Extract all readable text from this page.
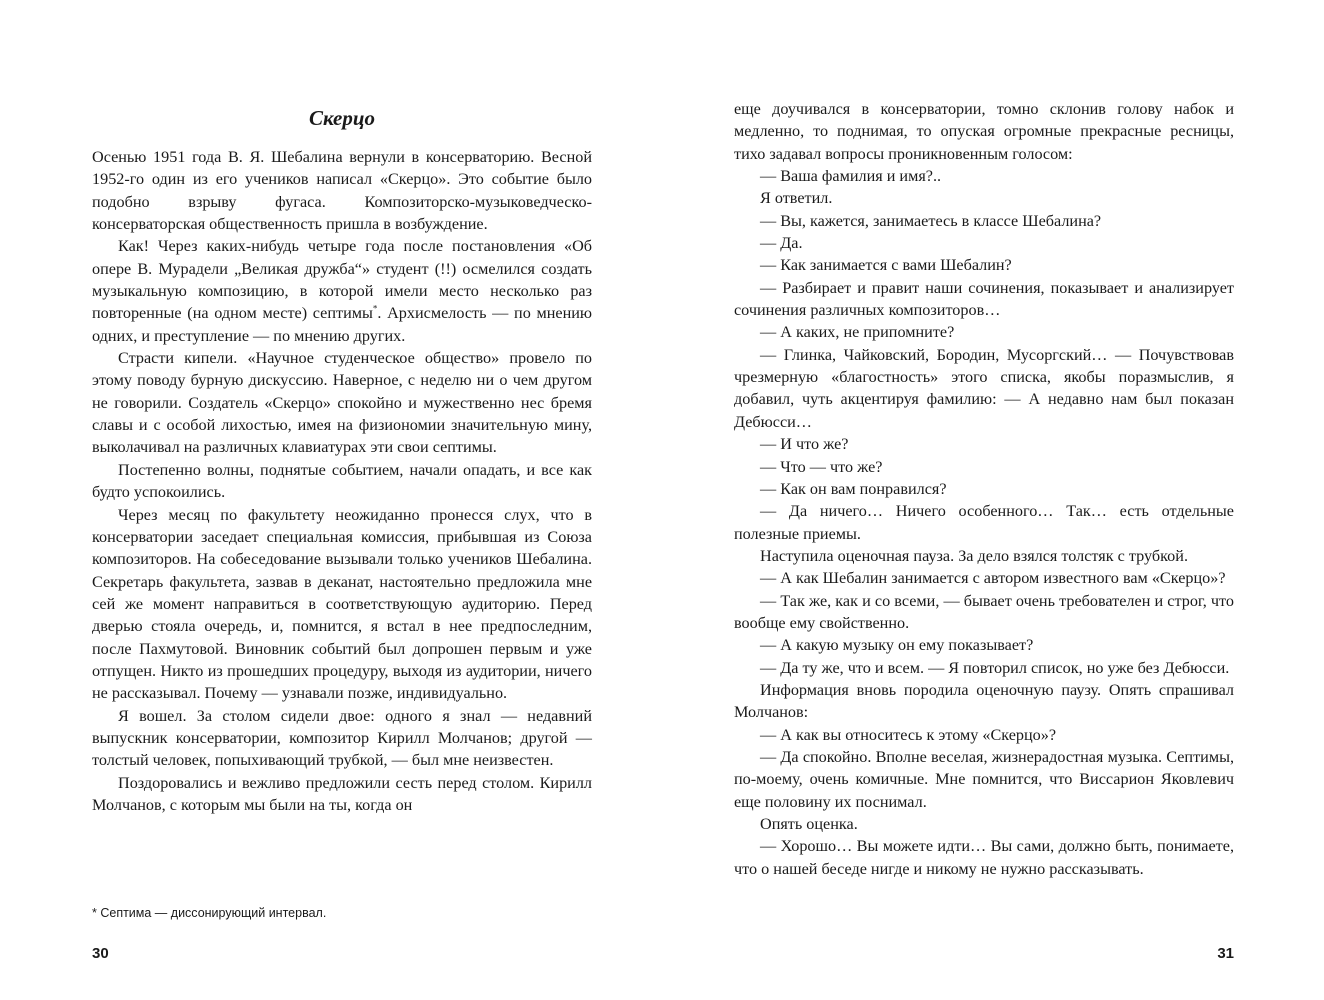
Скерцо

Осенью 1951 года В. Я. Шебалина вернули в консерваторию. Весной 1952-го один из его учеников написал «Скерцо». Это событие было подобно взрыву фугаса. Композиторско-музыковедческо-консерваторская общественность пришла в возбуждение.

Как! Через каких-нибудь четыре года после постановления «Об опере В. Мурадели „Великая дружба“» студент (!!) осмелился создать музыкальную композицию, в которой имели место несколько раз повторенные (на одном месте) септимы*. Архисмелость — по мнению одних, и преступление — по мнению других.

Страсти кипели. «Научное студенческое общество» провело по этому поводу бурную дискуссию. Наверное, с неделю ни о чем другом не говорили. Создатель «Скерцо» спокойно и мужественно нес бремя славы и с особой лихостью, имея на физиономии значительную мину, выколачивал на различных клавиатурах эти свои септимы.

Постепенно волны, поднятые событием, начали опадать, и все как будто успокоились.

Через месяц по факультету неожиданно пронесся слух, что в консерватории заседает специальная комиссия, прибывшая из Союза композиторов. На собеседование вызывали только учеников Шебалина. Секретарь факультета, зазвав в деканат, настоятельно предложила мне сей же момент направиться в соответствующую аудиторию. Перед дверью стояла очередь, и, помнится, я встал в нее предпоследним, после Пахмутовой. Виновник событий был допрошен первым и уже отпущен. Никто из прошедших процедуру, выходя из аудитории, ничего не рассказывал. Почему — узнавали позже, индивидуально.

Я вошел. За столом сидели двое: одного я знал — недавний выпускник консерватории, композитор Кирилл Молчанов; другой — толстый человек, попыхивающий трубкой, — был мне неизвестен.

Поздоровались и вежливо предложили сесть перед столом. Кирилл Молчанов, с которым мы были на ты, когда он

* Септима — диссонирующий интервал.

30

еще доучивался в консерватории, томно склонив голову набок и медленно, то поднимая, то опуская огромные прекрасные ресницы, тихо задавал вопросы проникновенным голосом:

— Ваша фамилия и имя?..

Я ответил.

— Вы, кажется, занимаетесь в классе Шебалина?

— Да.

— Как занимается с вами Шебалин?

— Разбирает и правит наши сочинения, показывает и анализирует сочинения различных композиторов…

— А каких, не припомните?

— Глинка, Чайковский, Бородин, Мусоргский… — Почувствовав чрезмерную «благостность» этого списка, якобы поразмыслив, я добавил, чуть акцентируя фамилию: — А недавно нам был показан Дебюсси…

— И что же?

— Что — что же?

— Как он вам понравился?

— Да ничего… Ничего особенного… Так… есть отдельные полезные приемы.

Наступила оценочная пауза. За дело взялся толстяк с трубкой.

— А как Шебалин занимается с автором известного вам «Скерцо»?

— Так же, как и со всеми, — бывает очень требователен и строг, что вообще ему свойственно.

— А какую музыку он ему показывает?

— Да ту же, что и всем. — Я повторил список, но уже без Дебюсси.

Информация вновь породила оценочную паузу. Опять спрашивал Молчанов:

— А как вы относитесь к этому «Скерцо»?

— Да спокойно. Вполне веселая, жизнерадостная музыка. Септимы, по-моему, очень комичные. Мне помнится, что Виссарион Яковлевич еще половину их поснимал.

Опять оценка.

— Хорошо… Вы можете идти… Вы сами, должно быть, понимаете, что о нашей беседе нигде и никому не нужно рассказывать.

31
